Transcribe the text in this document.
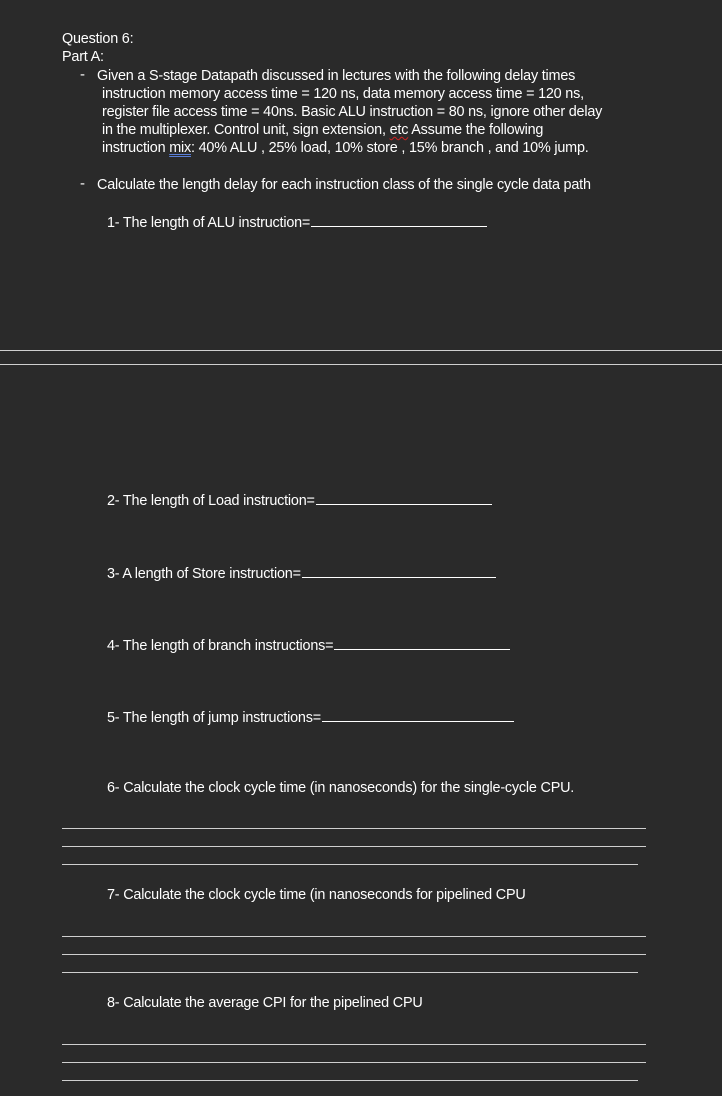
Question 6:
Part A:
- Given a S-stage Datapath discussed in lectures with the following delay times
instruction memory access time = 120 ns, data memory access time = 120 ns,
register file access time = 40ns. Basic ALU instruction = 80 ns, ignore other delay
in the multiplexer. Control unit, sign extension, etc Assume the following
instruction mix: 40% ALU , 25% load, 10% store , 15% branch , and 10% jump.
- Calculate the length delay for each instruction class of the single cycle data path
1- The length of ALU instruction=
2- The length of Load instruction=
3- A length of Store instruction=
4- The length of branch instructions=
5- The length of jump instructions=
6- Calculate the clock cycle time (in nanoseconds) for the single-cycle CPU.
7- Calculate the clock cycle time (in nanoseconds for pipelined CPU
8- Calculate the average CPI for the pipelined CPU
